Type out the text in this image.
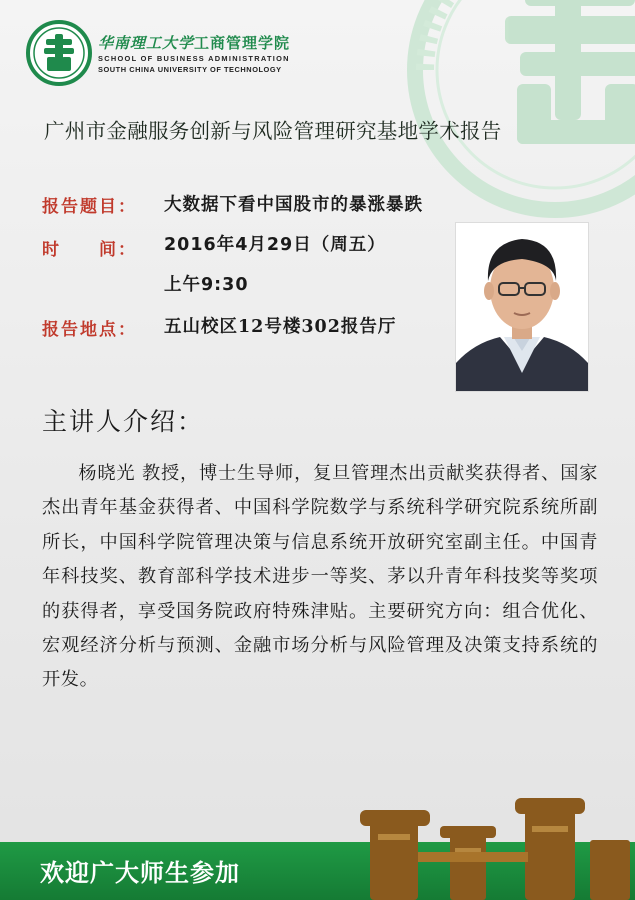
华南理工大学工商管理学院
SCHOOL OF BUSINESS ADMINISTRATION
SOUTH CHINA UNIVERSITY OF TECHNOLOGY
广州市金融服务创新与风险管理研究基地学术报告
报告题目： 大数据下看中国股市的暴涨暴跌
时　　间： 2016年4月29日（周五）
上午9:30
报告地点： 五山校区12号楼302报告厅
主讲人介绍：
杨晓光 教授，博士生导师，复旦管理杰出贡献奖获得者、国家杰出青年基金获得者、中国科学院数学与系统科学研究院系统所副所长，中国科学院管理决策与信息系统开放研究室副主任。中国青年科技奖、教育部科学技术进步一等奖、茅以升青年科技奖等奖项的获得者，享受国务院政府特殊津贴。主要研究方向：组合优化、宏观经济分析与预测、金融市场分析与风险管理及决策支持系统的开发。
欢迎广大师生参加
